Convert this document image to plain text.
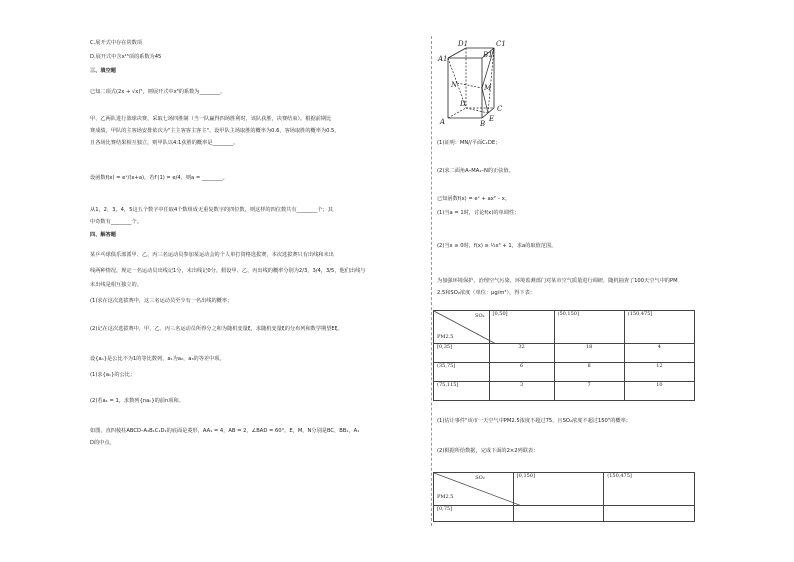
C.展开式中存在常数项
D.展开式中含x¹⁵项的系数为45
三、填空题
已知二项式(2x + √x)⁵，则展开式中x³的系数为________。
甲、乙两队进行篮球决赛，采取七场四胜制（当一队赢得四场胜利时，该队获胜，决赛结束）。根据前期比
赛成绩，甲队的主客场安排依次为"主主客客主客主"。设甲队主场取胜的概率为0.6，客场取胜的概率为0.5，
且各场比赛结果相互独立，则甲队以4:1获胜的概率是________。
设函数f(x) = eˣ/(x+a)，若f′(1) = e/4，则a = ________。
从1，2，3，4，5这五个数字中任取4个数组成无重复数字的四位数，则这样的四位数共有________个；其
中奇数有________个。
四、解答题
某乒乓球俱乐部派甲、乙、丙三名运动员参加某运动会的个人单打资格选拔赛，本次选拔赛只有出线和未出
线两种情况。规定一名运动员出线记1分，未出线记0分。假设甲、乙、丙出线的概率分别为2/3，3/4，3/5，他们出线与
未出线是相互独立的。
(1)求在这次选拔赛中，这三名运动员至少有一名出线的概率；
(2)记在这次选拔赛中，甲、乙、丙三名运动员所得分之和为随机变量ξ，求随机变量ξ的分布列和数学期望Eξ。
设{aₙ}是公比不为1的等比数列，a₁为a₂，a₃的等差中项。
(1)求{aₙ}的公比；
(2)若a₁ = 1，求数列{naₙ}的前n项和。
如图，直四棱柱ABCD–A₁B₁C₁D₁的底面是菱形，AA₁ = 4，AB = 2，∠BAD = 60°，E，M，N分别是BC，BB₁，A₁
D的中点。
D1	C1
A1	B1
N	M
D
C
A	B
E
(1)证明：MN//平面C₁DE；
(2)求二面角A–MA₁–N的正弦值。
已知函数f(x) = eˣ + ax² – x。
(1)当a = 1时，讨论f(x)的单调性；
(2)当x ≥ 0时，f(x) ≥ ½x³ + 1，求a的取值范围。
为加强环境保护，治理空气污染，环境监测部门对某市空气质量进行调研，随机抽查了100天空气中的PM
2.5和SO₂浓度（单位：μg/m³），得下表：
SO₂
PM2.5	[0,50]	(50,150]	(150,475]
[0,35]	32	18	4
(35,75]	6	8	12
(75,115]	3	7	10
(1)估计事件"该市一天空气中PM2.5浓度不超过75，且SO₂浓度不超过150"的概率；
(2)根据所给数据，完成下面的2×2列联表：
SO₂
PM2.5	[0,150]	(150,475]
[0,75]		
